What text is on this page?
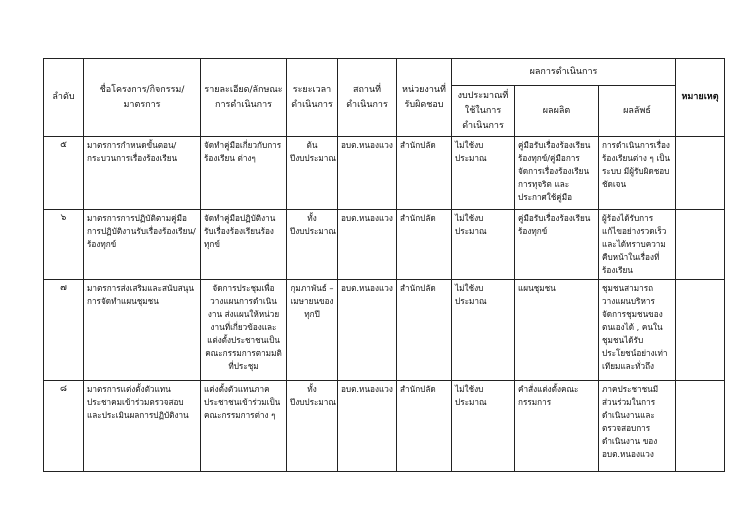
ลำดับ	ชื่อโครงการ/กิจกรรม/มาตรการ	รายละเอียด/ลักษณะการดำเนินการ	ระยะเวลาดำเนินการ	สถานที่ดำเนินการ	หน่วยงานที่รับผิดชอบ	ผลการดำเนินการ			หมายเหตุ
						งบประมาณที่ใช้ในการดำเนินการ	ผลผลิต	ผลลัพธ์	
๕	มาตรการกำหนดขั้นตอน/กระบวนการเรื่องร้องเรียน	จัดทำคู่มือเกี่ยวกับการร้องเรียน ต่างๆ	ต้นปีงบประมาณ	อบต.หนองแวง	สำนักปลัด	ไม่ใช้งบประมาณ	คู่มือรับเรื่องร้องเรียนร้องทุกข์/คู่มือการจัดการเรื่องร้องเรียนการทุจริต และประกาศใช้คู่มือ	การดำเนินการเรื่องร้องเรียนต่าง ๆ เป็นระบบ มีผู้รับผิดชอบชัดเจน	
๖	มาตรการการปฏิบัติตามคู่มือการปฏิบัติงานรับเรื่องร้องเรียน/ร้องทุกข์	จัดทำคู่มือปฏิบัติงานรับเรื่องร้องเรียนร้องทุกข์	ทั้งปีงบประมาณ	อบต.หนองแวง	สำนักปลัด	ไม่ใช้งบประมาณ	คู่มือรับเรื่องร้องเรียนร้องทุกข์	ผู้ร้องได้รับการแก้ไขอย่างรวดเร็ว และได้ทราบความคืบหน้าในเรื่องที่ร้องเรียน	
๗	มาตรการส่งเสริมและสนับสนุนการจัดทำแผนชุมชน	จัดการประชุมเพื่อวางแผนการดำเนินงาน ส่งแผนให้หน่วยงานที่เกี่ยวข้องและแต่งตั้งประชาชนเป็นคณะกรรมการตามมติที่ประชุม	กุมภาพันธ์ – เมษายนของทุกปี	อบต.หนองแวง	สำนักปลัด	ไม่ใช้งบประมาณ	แผนชุมชน	ชุมชนสามารถวางแผนบริหารจัดการชุมชนของตนเองได้ , คนในชุมชนได้รับประโยชน์อย่างเท่าเทียมและทั่วถึง	
๘	มาตรการแต่งตั้งตัวแทนประชาคมเข้าร่วมตรวจสอบและประเมินผลการปฏิบัติงาน	แต่งตั้งตัวแทนภาคประชาชนเข้าร่วมเป็นคณะกรรมการต่าง ๆ	ทั้งปีงบประมาณ	อบต.หนองแวง	สำนักปลัด	ไม่ใช้งบประมาณ	คำสั่งแต่งตั้งคณะกรรมการ	ภาคประชาชนมีส่วนร่วมในการดำเนินงานและตรวจสอบการดำเนินงาน ของ อบต.หนองแวง	
